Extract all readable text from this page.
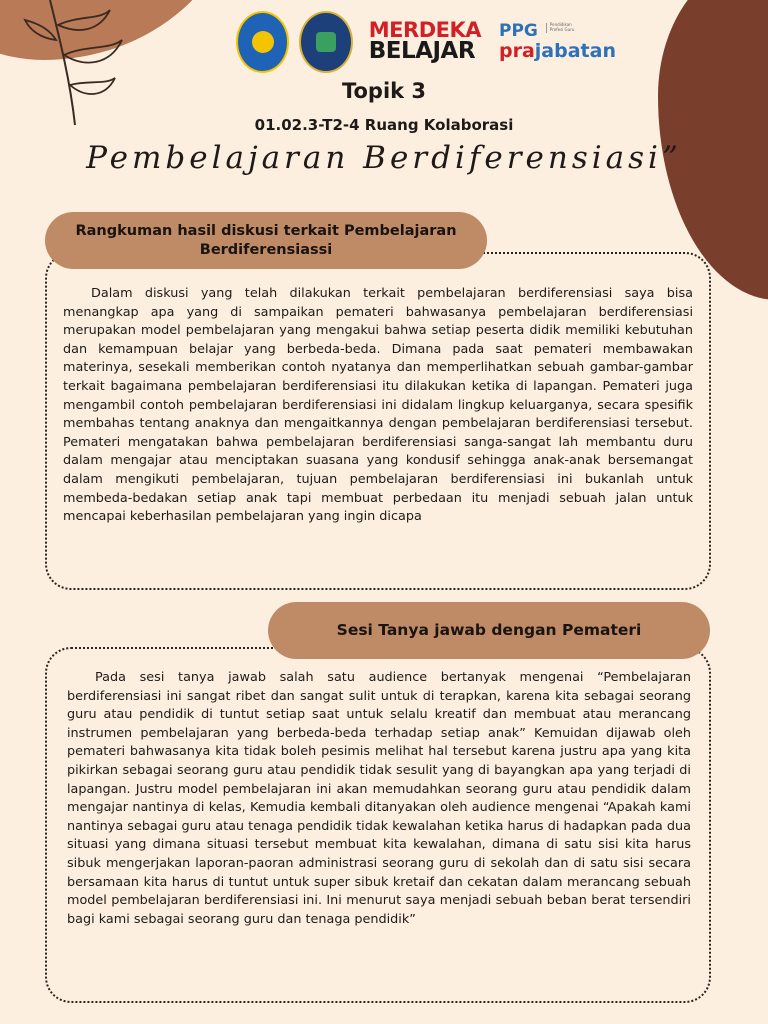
MERDEKA
BELAJAR
PPG	Pendidikan Profesi Guru
prajabatan
Topik 3
01.02.3-T2-4 Ruang Kolaborasi
Pembelajaran Berdiferensiasi”
Rangkuman hasil diskusi terkait Pembelajaran Berdiferensiassi

Dalam diskusi yang telah dilakukan terkait pembelajaran berdiferensiasi saya bisa menangkap apa yang di sampaikan pemateri bahwasanya pembelajaran berdiferensiasi merupakan model pembelajaran yang mengakui bahwa setiap peserta didik memiliki kebutuhan dan kemampuan belajar yang berbeda-beda. Dimana pada saat pemateri membawakan materinya, sesekali memberikan contoh nyatanya dan memperlihatkan sebuah gambar-gambar terkait bagaimana pembelajaran berdiferensiasi itu dilakukan ketika di lapangan. Pemateri juga mengambil contoh pembelajaran berdiferensiasi ini didalam lingkup keluarganya, secara spesifik membahas tentang anaknya dan mengaitkannya dengan pembelajaran berdiferensiasi tersebut. Pemateri mengatakan bahwa pembelajaran berdiferensiasi sanga-sangat lah membantu duru dalam mengajar atau menciptakan suasana yang kondusif sehingga anak-anak bersemangat dalam mengikuti pembelajaran, tujuan pembelajaran berdiferensiasi ini bukanlah untuk membeda-bedakan setiap anak tapi membuat perbedaan itu menjadi sebuah jalan untuk mencapai keberhasilan pembelajaran yang ingin dicapa

Sesi Tanya jawab dengan Pemateri

Pada sesi tanya jawab salah satu audience bertanyak mengenai “Pembelajaran berdiferensiasi ini sangat ribet dan sangat sulit untuk di terapkan, karena kita sebagai seorang guru atau pendidik di tuntut setiap saat untuk selalu kreatif dan membuat atau merancang instrumen pembelajaran yang berbeda-beda terhadap setiap anak” Kemuidan dijawab oleh pemateri bahwasanya kita tidak boleh pesimis melihat hal tersebut karena justru apa yang kita pikirkan sebagai seorang guru atau pendidik tidak sesulit yang di bayangkan apa yang terjadi di lapangan. Justru model pembelajaran ini akan memudahkan seorang guru atau pendidik dalam mengajar nantinya di kelas, Kemudia kembali ditanyakan oleh audience mengenai “Apakah kami nantinya sebagai guru atau tenaga pendidik tidak kewalahan ketika harus di hadapkan pada dua situasi yang dimana situasi tersebut membuat kita kewalahan, dimana di satu sisi kita harus sibuk mengerjakan laporan-paoran administrasi seorang guru di sekolah dan di satu sisi secara bersamaan kita harus di tuntut untuk super sibuk kretaif dan cekatan dalam merancang sebuah model pembelajaran berdiferensiasi ini. Ini menurut saya menjadi sebuah beban berat tersendiri bagi kami sebagai seorang guru dan tenaga pendidik”
